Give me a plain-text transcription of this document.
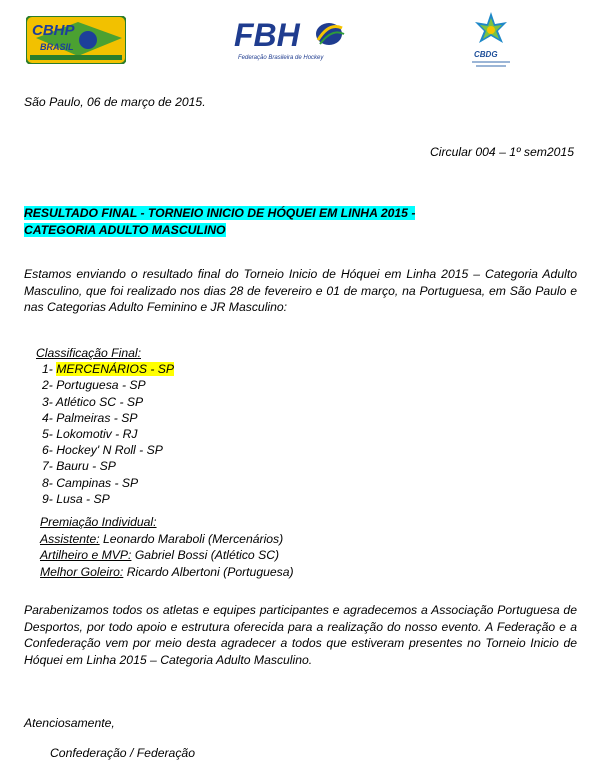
CBHP
BRASIL	FBH
Federação Brasileira de Hockey	CBDG
São Paulo, 06 de março de 2015.
Circular 004 – 1º sem2015
RESULTADO FINAL - TORNEIO INICIO DE HÓQUEI EM LINHA 2015 -
CATEGORIA ADULTO MASCULINO
Estamos enviando o resultado final do Torneio Inicio de Hóquei em Linha 2015 – Categoria Adulto Masculino, que foi realizado nos dias 28 de fevereiro e 01 de março, na Portuguesa, em São Paulo e nas Categorias Adulto Feminino e JR Masculino:
Classificação Final:
1- MERCENÁRIOS - SP
2- Portuguesa - SP
3- Atlético SC - SP
4- Palmeiras - SP
5- Lokomotiv - RJ
6- Hockey' N Roll - SP
7- Bauru - SP
8- Campinas - SP
9- Lusa - SP
Premiação Individual:
Assistente: Leonardo Maraboli (Mercenários)
Artilheiro e MVP: Gabriel Bossi (Atlético SC)
Melhor Goleiro: Ricardo Albertoni (Portuguesa)
Parabenizamos todos os atletas e equipes participantes e agradecemos a Associação Portuguesa de Desportos, por todo apoio e estrutura oferecida para a realização do nosso evento. A Federação e a Confederação vem por meio desta agradecer a todos que estiveram presentes no Torneio Inicio de Hóquei em Linha 2015 – Categoria Adulto Masculino.
Atenciosamente,
Confederação / Federação
